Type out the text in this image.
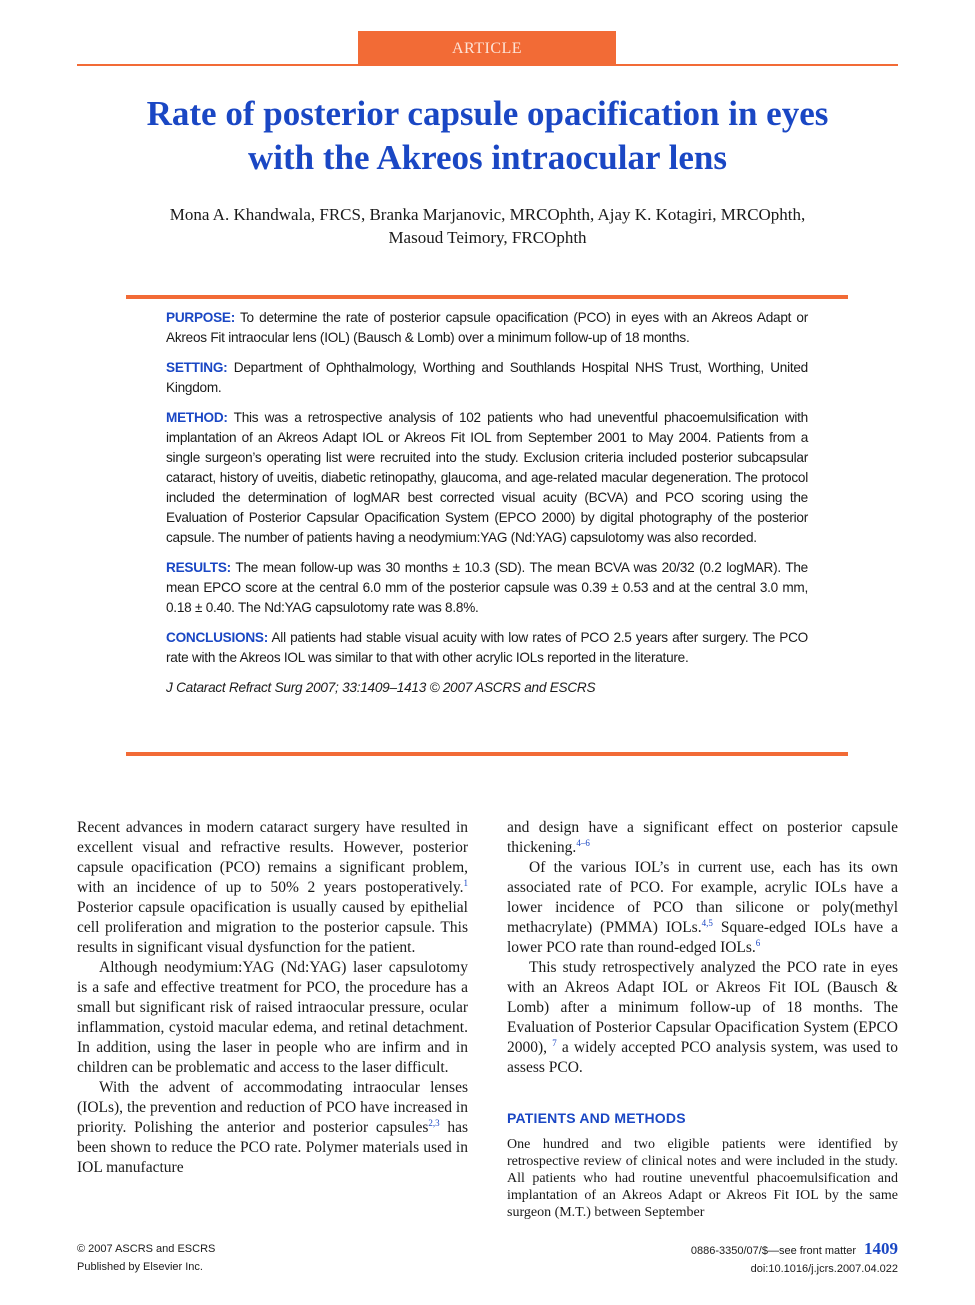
ARTICLE
Rate of posterior capsule opacification in eyes
with the Akreos intraocular lens
Mona A. Khandwala, FRCS, Branka Marjanovic, MRCOphth, Ajay K. Kotagiri, MRCOphth,
Masoud Teimory, FRCOphth

PURPOSE: To determine the rate of posterior capsule opacification (PCO) in eyes with an Akreos Adapt or Akreos Fit intraocular lens (IOL) (Bausch & Lomb) over a minimum follow-up of 18 months.

SETTING: Department of Ophthalmology, Worthing and Southlands Hospital NHS Trust, Worthing, United Kingdom.

METHOD: This was a retrospective analysis of 102 patients who had uneventful phacoemulsification with implantation of an Akreos Adapt IOL or Akreos Fit IOL from September 2001 to May 2004. Patients from a single surgeon’s operating list were recruited into the study. Exclusion criteria included posterior subcapsular cataract, history of uveitis, diabetic retinopathy, glaucoma, and age-related macular degeneration. The protocol included the determination of logMAR best corrected visual acuity (BCVA) and PCO scoring using the Evaluation of Posterior Capsular Opacification System (EPCO 2000) by digital photography of the posterior capsule. The number of patients having a neodymium:YAG (Nd:YAG) capsulotomy was also recorded.

RESULTS: The mean follow-up was 30 months ± 10.3 (SD). The mean BCVA was 20/32 (0.2 logMAR). The mean EPCO score at the central 6.0 mm of the posterior capsule was 0.39 ± 0.53 and at the central 3.0 mm, 0.18 ± 0.40. The Nd:YAG capsulotomy rate was 8.8%.

CONCLUSIONS: All patients had stable visual acuity with low rates of PCO 2.5 years after surgery. The PCO rate with the Akreos IOL was similar to that with other acrylic IOLs reported in the literature.

J Cataract Refract Surg 2007; 33:1409–1413 © 2007 ASCRS and ESCRS

Recent advances in modern cataract surgery have resulted in excellent visual and refractive results. However, posterior capsule opacification (PCO) remains a significant problem, with an incidence of up to 50% 2 years postoperatively.$^1$ Posterior capsule opacification is usually caused by epithelial cell proliferation and migration to the posterior capsule. This results in significant visual dysfunction for the patient.

Although neodymium:YAG (Nd:YAG) laser capsulotomy is a safe and effective treatment for PCO, the procedure has a small but significant risk of raised intraocular pressure, ocular inflammation, cystoid macular edema, and retinal detachment. In addition, using the laser in people who are infirm and in children can be problematic and access to the laser difficult.

With the advent of accommodating intraocular lenses (IOLs), the prevention and reduction of PCO have increased in priority. Polishing the anterior and posterior capsules$^{2,3}$ has been shown to reduce the PCO rate. Polymer materials used in IOL manufacture

and design have a significant effect on posterior capsule thickening.$^{4-6}$

Of the various IOL’s in current use, each has its own associated rate of PCO. For example, acrylic IOLs have a lower incidence of PCO than silicone or poly(methyl methacrylate) (PMMA) IOLs.$^{4,5}$ Square-edged IOLs have a lower PCO rate than round-edged IOLs.$^6$

This study retrospectively analyzed the PCO rate in eyes with an Akreos Adapt IOL or Akreos Fit IOL (Bausch & Lomb) after a minimum follow-up of 18 months. The Evaluation of Posterior Capsular Opacification System (EPCO 2000), $^7$ a widely accepted PCO analysis system, was used to assess PCO.

PATIENTS AND METHODS

One hundred and two eligible patients were identified by retrospective review of clinical notes and were included in the study. All patients who had routine uneventful phacoemulsification and implantation of an Akreos Adapt or Akreos Fit IOL by the same surgeon (M.T.) between September

© 2007 ASCRS and ESCRS
Published by Elsevier Inc.
0886-3350/07/$—see front matter 1409
doi:10.1016/j.jcrs.2007.04.022
